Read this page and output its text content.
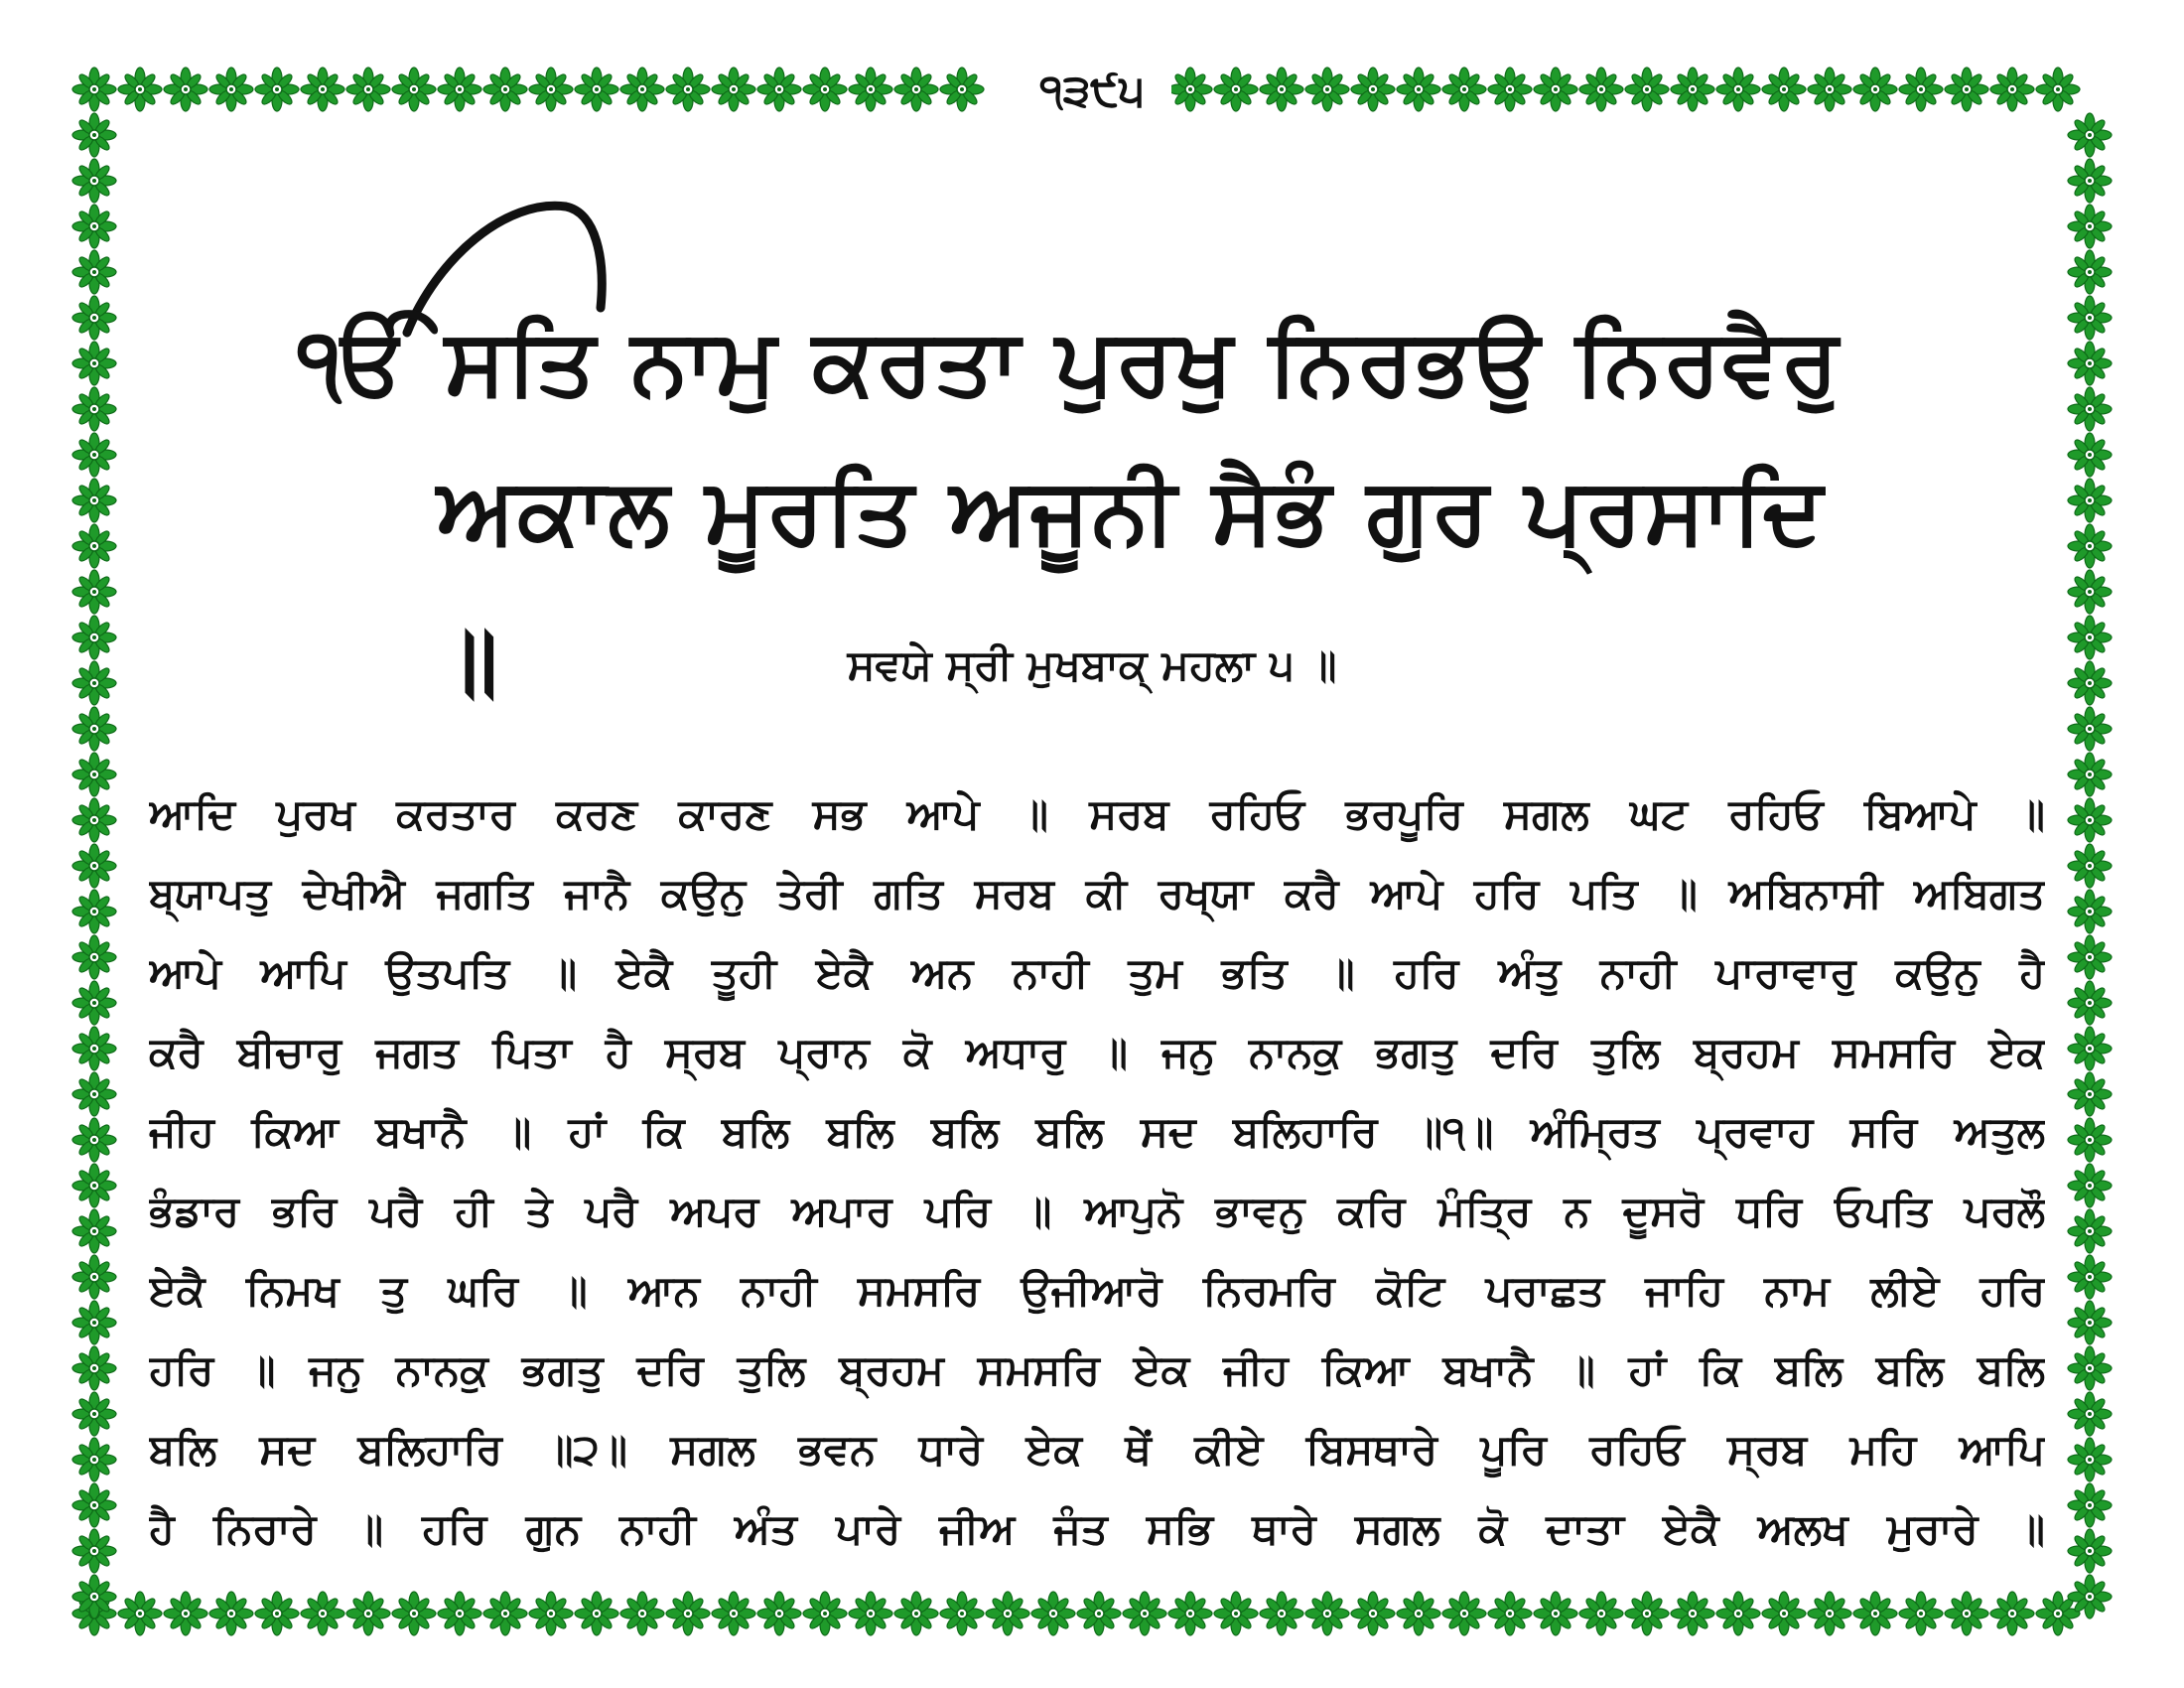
੧੩੯੫
ੴ ਸਤਿ ਨਾਮੁ ਕਰਤਾ ਪੁਰਖੁ ਨਿਰਭਉ ਨਿਰਵੈਰੁ
ਅਕਾਲ ਮੂਰਤਿ ਅਜੂਨੀ ਸੈਭੰ ਗੁਰ ਪ੍ਰਸਾਦਿ ॥	ਸਵਯੇ ਸ੍ਰੀ ਮੁਖਬਾਕ੍ ਮਹਲਾ ੫ ॥
ਆਦਿ ਪੁਰਖ ਕਰਤਾਰ ਕਰਣ ਕਾਰਣ ਸਭ ਆਪੇ ॥ ਸਰਬ ਰਹਿਓ ਭਰਪੂਰਿ ਸਗਲ ਘਟ ਰਹਿਓ ਬਿਆਪੇ ॥
ਬ੍ਯਾਪਤੁ ਦੇਖੀਐ ਜਗਤਿ ਜਾਨੈ ਕਉਨੁ ਤੇਰੀ ਗਤਿ ਸਰਬ ਕੀ ਰਖ੍ਯਾ ਕਰੈ ਆਪੇ ਹਰਿ ਪਤਿ ॥ ਅਬਿਨਾਸੀ ਅਬਿਗਤ
ਆਪੇ ਆਪਿ ਉਤਪਤਿ ॥ ਏਕੈ ਤੂਹੀ ਏਕੈ ਅਨ ਨਾਹੀ ਤੁਮ ਭਤਿ ॥ ਹਰਿ ਅੰਤੁ ਨਾਹੀ ਪਾਰਾਵਾਰੁ ਕਉਨੁ ਹੈ
ਕਰੈ ਬੀਚਾਰੁ ਜਗਤ ਪਿਤਾ ਹੈ ਸ੍ਰਬ ਪ੍ਰਾਨ ਕੋ ਅਧਾਰੁ ॥ ਜਨੁ ਨਾਨਕੁ ਭਗਤੁ ਦਰਿ ਤੁਲਿ ਬ੍ਰਹਮ ਸਮਸਰਿ ਏਕ
ਜੀਹ ਕਿਆ ਬਖਾਨੈ ॥ ਹਾਂ ਕਿ ਬਲਿ ਬਲਿ ਬਲਿ ਬਲਿ ਸਦ ਬਲਿਹਾਰਿ ॥੧॥ ਅੰਮ੍ਰਿਤ ਪ੍ਰਵਾਹ ਸਰਿ ਅਤੁਲ
ਭੰਡਾਰ ਭਰਿ ਪਰੈ ਹੀ ਤੇ ਪਰੈ ਅਪਰ ਅਪਾਰ ਪਰਿ ॥ ਆਪੁਨੋ ਭਾਵਨੁ ਕਰਿ ਮੰਤ੍ਰਿ ਨ ਦੂਸਰੋ ਧਰਿ ਓਪਤਿ ਪਰਲੌ
ਏਕੈ ਨਿਮਖ ਤੁ ਘਰਿ ॥ ਆਨ ਨਾਹੀ ਸਮਸਰਿ ਉਜੀਆਰੋ ਨਿਰਮਰਿ ਕੋਟਿ ਪਰਾਛਤ ਜਾਹਿ ਨਾਮ ਲੀਏ ਹਰਿ
ਹਰਿ ॥ ਜਨੁ ਨਾਨਕੁ ਭਗਤੁ ਦਰਿ ਤੁਲਿ ਬ੍ਰਹਮ ਸਮਸਰਿ ਏਕ ਜੀਹ ਕਿਆ ਬਖਾਨੈ ॥ ਹਾਂ ਕਿ ਬਲਿ ਬਲਿ ਬਲਿ
ਬਲਿ ਸਦ ਬਲਿਹਾਰਿ ॥੨॥ ਸਗਲ ਭਵਨ ਧਾਰੇ ਏਕ ਥੇਂ ਕੀਏ ਬਿਸਥਾਰੇ ਪੂਰਿ ਰਹਿਓ ਸ੍ਰਬ ਮਹਿ ਆਪਿ
ਹੈ ਨਿਰਾਰੇ ॥ ਹਰਿ ਗੁਨ ਨਾਹੀ ਅੰਤ ਪਾਰੇ ਜੀਅ ਜੰਤ ਸਭਿ ਥਾਰੇ ਸਗਲ ਕੋ ਦਾਤਾ ਏਕੈ ਅਲਖ ਮੁਰਾਰੇ ॥
